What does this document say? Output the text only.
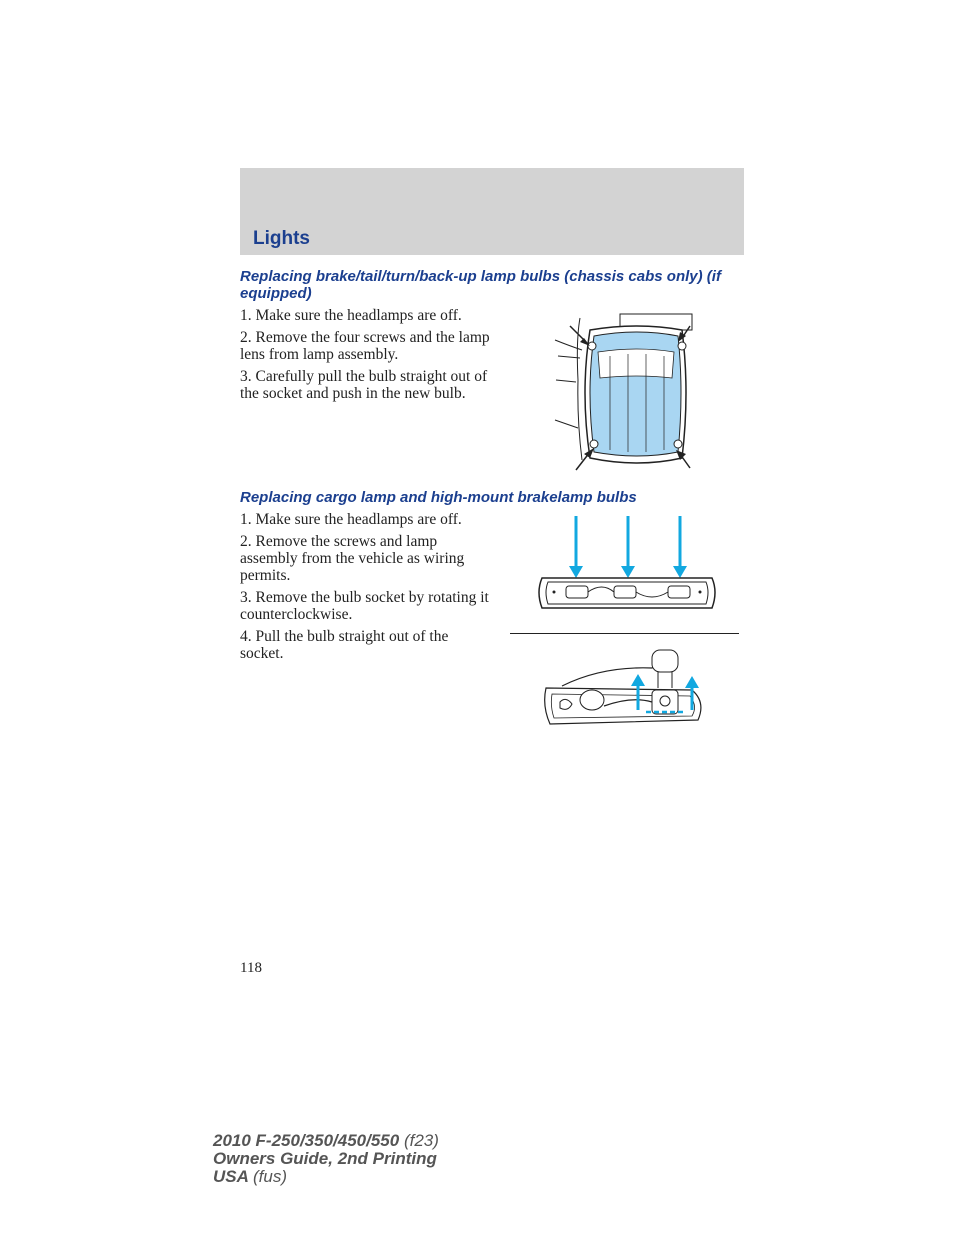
Lights
Replacing brake/tail/turn/back-up lamp bulbs (chassis cabs only) (if equipped)

1. Make sure the headlamps are off.

2. Remove the four screws and the lamp lens from lamp assembly.

3. Carefully pull the bulb straight out of the socket and push in the new bulb.

Replacing cargo lamp and high-mount brakelamp bulbs

1. Make sure the headlamps are off.

2. Remove the screws and lamp assembly from the vehicle as wiring permits.

3. Remove the bulb socket by rotating it counterclockwise.

4. Pull the bulb straight out of the socket.

118
2010 F-250/350/450/550 (f23)
Owners Guide, 2nd Printing
USA (fus)
